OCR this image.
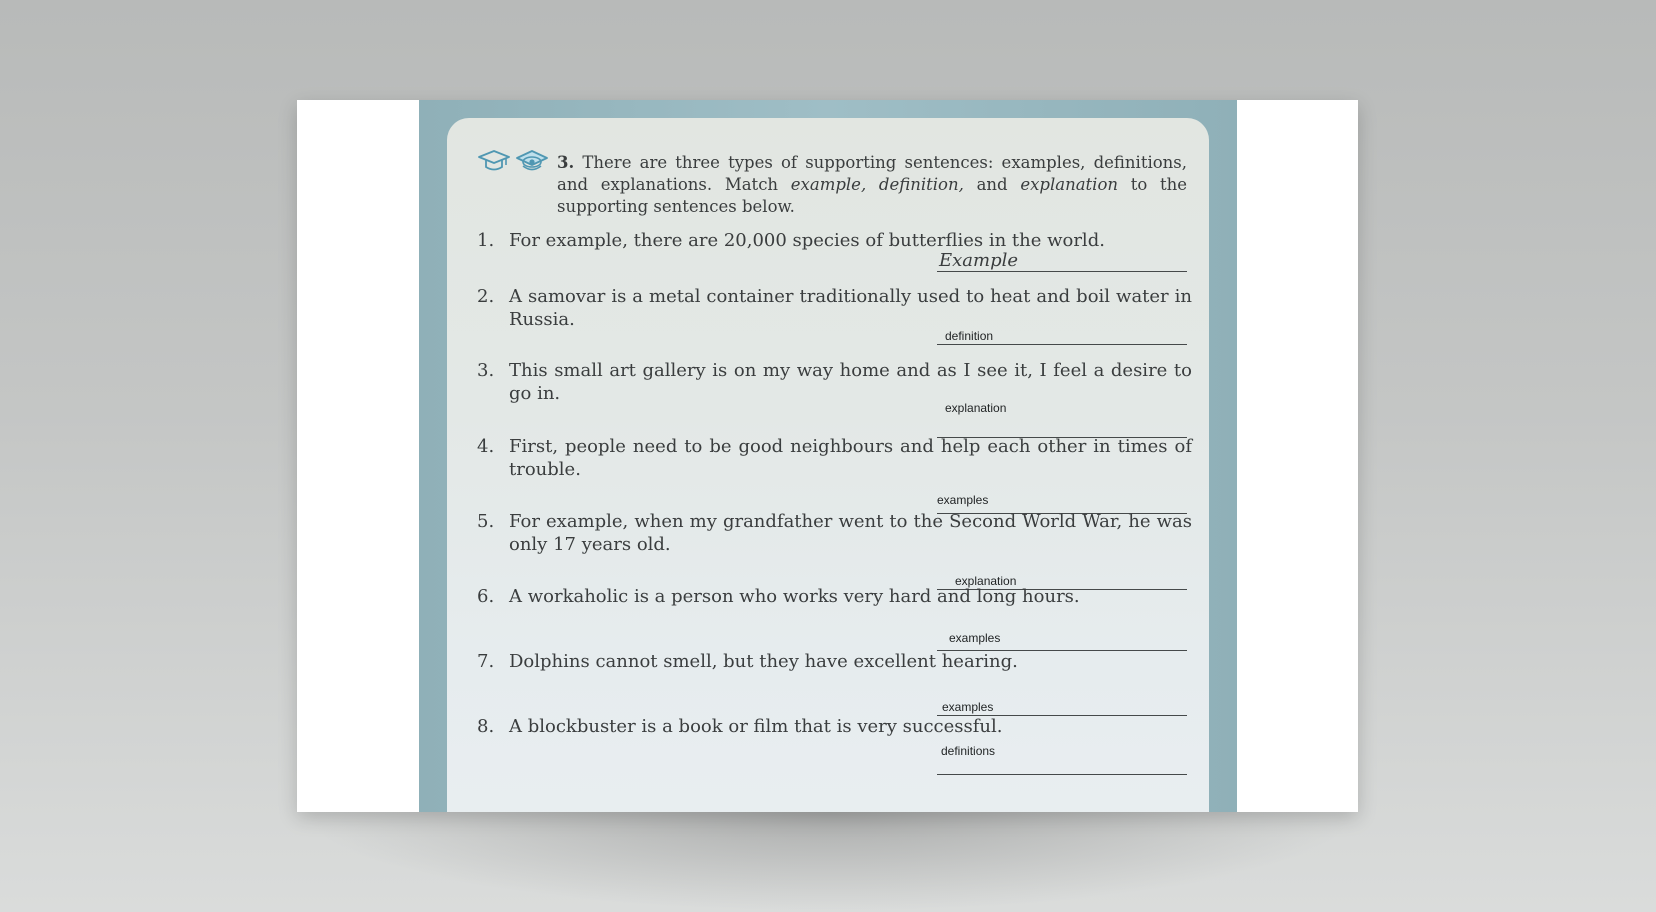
3. There are three types of supporting sentences: examples, definitions, and explanations. Match example, definition, and explanation to the supporting sentences below.
1. For example, there are 20,000 species of butterflies in the world.
Example
2. A samovar is a metal container traditionally used to heat and boil water in Russia.
definition
3. This small art gallery is on my way home and as I see it, I feel a desire to go in.
explanation
4. First, people need to be good neighbours and help each other in times of trouble.
examples
5. For example, when my grandfather went to the Second World War, he was only 17 years old.
explanation
6. A workaholic is a person who works very hard and long hours.
examples
7. Dolphins cannot smell, but they have excellent hearing.
examples
8. A blockbuster is a book or film that is very successful.
definitions
